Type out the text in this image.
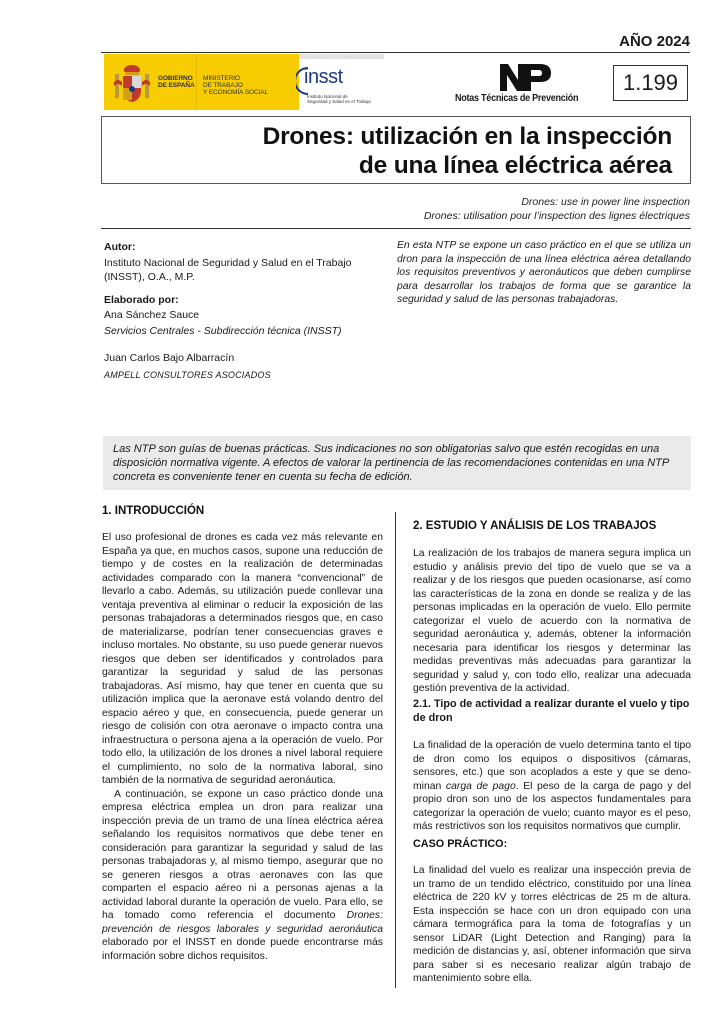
AÑO 2024
GOBIERNO
DE ESPAÑA
MINISTERIO
DE TRABAJO
Y ECONOMÍA SOCIAL
insst
Instituto Nacional de
Seguridad y Salud en el Trabajo	Notas Técnicas de Prevención
1.199
Drones: utilización en la inspección
de una línea eléctrica aérea
Drones: use in power line inspection
Drones: utilisation pour l’inspection des lignes électriques
Autor:
Instituto Nacional de Seguridad y Salud en el Trabajo
(INSST), O.A., M.P.
Elaborado por:
Ana Sánchez Sauce
Servicios Centrales - Subdirección técnica (INSST)
Juan Carlos Bajo Albarracín
AMPELL CONSULTORES ASOCIADOS
En esta NTP se expone un caso práctico en el que se utiliza un dron para la inspección de una línea eléctrica aérea detallando los requisitos preventivos y aeronáuticos que deben cumplirse para desarrollar los trabajos de forma que se garantice la seguridad y salud de las personas trabajadoras.
Las NTP son guías de buenas prácticas. Sus indicaciones no son obligatorias salvo que estén recogidas en una disposición normativa vigente. A efectos de valorar la pertinencia de las recomendaciones contenidas en una NTP concreta es conveniente tener en cuenta su fecha de edición.
1. INTRODUCCIÓN

El uso profesional de drones es cada vez más relevante en España ya que, en muchos casos, supone una reducción de tiempo y de costes en la realización de determinadas actividades comparado con la manera “convencional” de llevarlo a cabo. Además, su utilización puede conllevar una ventaja preventiva al eliminar o reducir la exposición de las personas trabajadoras a determinados riesgos que, en caso de materializarse, podrían tener consecuencias graves e incluso mortales. No obstante, su uso puede generar nuevos riesgos que deben ser identificados y controlados para garantizar la seguridad y salud de las personas trabajadoras. Así mismo, hay que tener en cuenta que su utilización implica que la aeronave está volando dentro del espacio aéreo y que, en consecuencia, puede generar un riesgo de colisión con otra aeronave o impacto contra una infraestructura o persona ajena a la operación de vuelo. Por todo ello, la utilización de los drones a nivel laboral requiere el cumplimiento, no solo de la normativa laboral, sino también de la normativa de seguridad aeronáutica.

A continuación, se expone un caso práctico donde una empresa eléctrica emplea un dron para realizar una inspección previa de un tramo de una línea eléctrica aérea señalando los requisitos normativos que debe tener en consideración para garantizar la seguridad y salud de las personas trabajadoras y, al mismo tiempo, asegurar que no se generen riesgos a otras aeronaves con las que comparten el espacio aéreo ni a personas ajenas a la actividad laboral durante la operación de vuelo. Para ello, se ha tomado como referencia el documento Drones: prevención de riesgos laborales y seguridad aeronáutica elaborado por el INSST en donde puede encontrarse más información sobre dichos requisitos.

2. ESTUDIO Y ANÁLISIS DE LOS TRABAJOS
La realización de los trabajos de manera segura implica un estudio y análisis previo del tipo de vuelo que se va a realizar y de los riesgos que pueden ocasionarse, así como las características de la zona en donde se realiza y de las personas implicadas en la operación de vuelo. Ello permite categorizar el vuelo de acuerdo con la normativa de seguridad aeronáutica y, además, obtener la información necesaria para identificar los riesgos y determinar las medidas preventivas más adecuadas para garantizar la seguridad y salud y, con todo ello, realizar una adecuada gestión preventiva de la actividad.
2.1. Tipo de actividad a realizar durante el vuelo y tipo de dron
La finalidad de la operación de vuelo determina tanto el tipo de dron como los equipos o dispositivos (cámaras, sensores, etc.) que son acoplados a este y que se denominan carga de pago. El peso de la carga de pago y del propio dron son uno de los aspectos fundamentales para categorizar la operación de vuelo; cuanto mayor es el peso, más restrictivos son los requisitos normativos que cumplir.
CASO PRÁCTICO:
La finalidad del vuelo es realizar una inspección previa de un tramo de un tendido eléctrico, constituido por una línea eléctrica de 220 kV y torres eléctricas de 25 m de altura. Esta inspección se hace con un dron equipado con una cámara termográfica para la toma de fotografías y un sensor LiDAR (Light Detection and Ranging) para la medición de distancias y, así, obtener información que sirva para saber si es necesario realizar algún trabajo de mantenimiento sobre ella.
